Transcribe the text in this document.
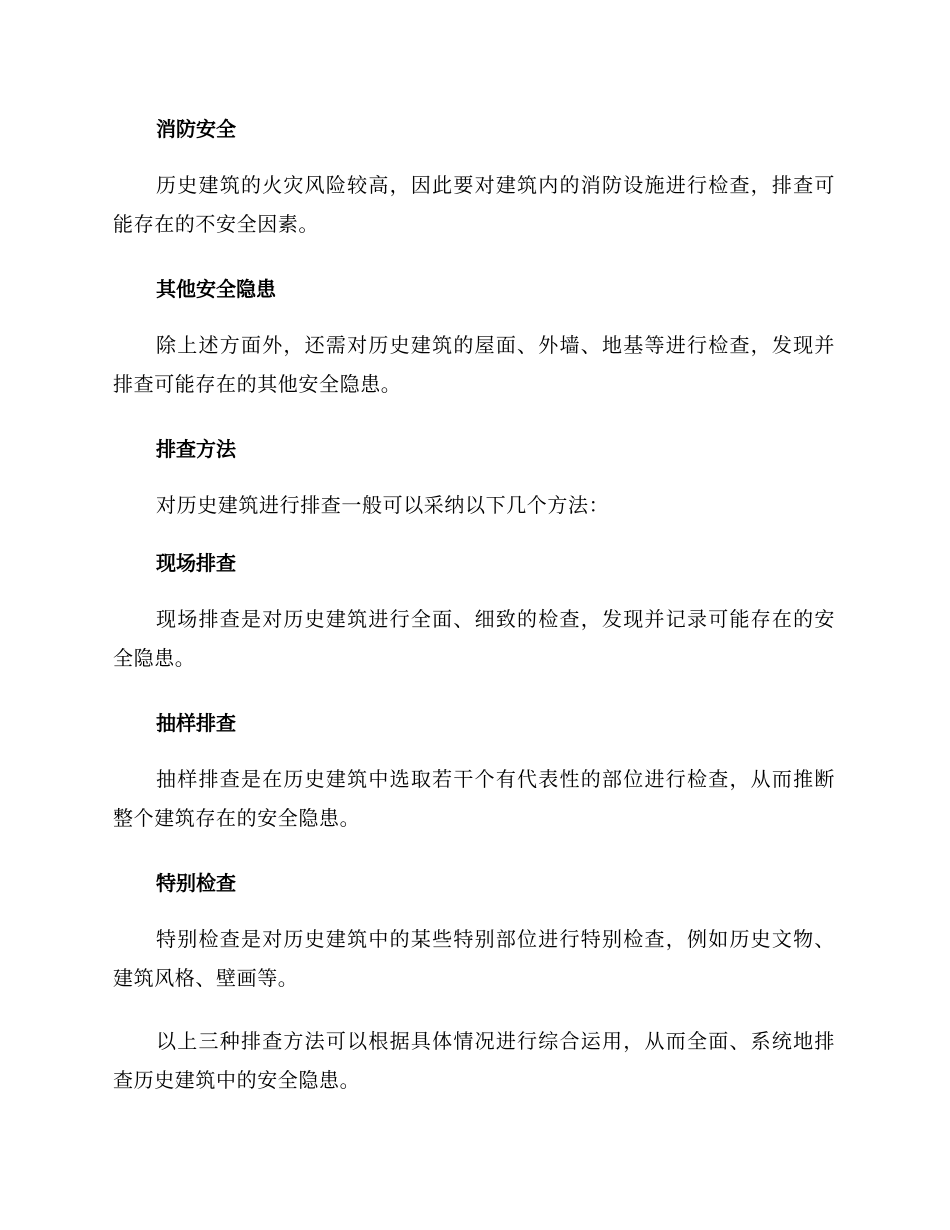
消防安全

历史建筑的火灾风险较高，因此要对建筑内的消防设施进行检查，排查可能存在的不安全因素。

其他安全隐患

除上述方面外，还需对历史建筑的屋面、外墙、地基等进行检查，发现并排查可能存在的其他安全隐患。

排查方法

对历史建筑进行排查一般可以采纳以下几个方法：

现场排查

现场排查是对历史建筑进行全面、细致的检查，发现并记录可能存在的安全隐患。

抽样排查

抽样排查是在历史建筑中选取若干个有代表性的部位进行检查，从而推断整个建筑存在的安全隐患。

特别检查

特别检查是对历史建筑中的某些特别部位进行特别检查，例如历史文物、建筑风格、壁画等。

以上三种排查方法可以根据具体情况进行综合运用，从而全面、系统地排查历史建筑中的安全隐患。
